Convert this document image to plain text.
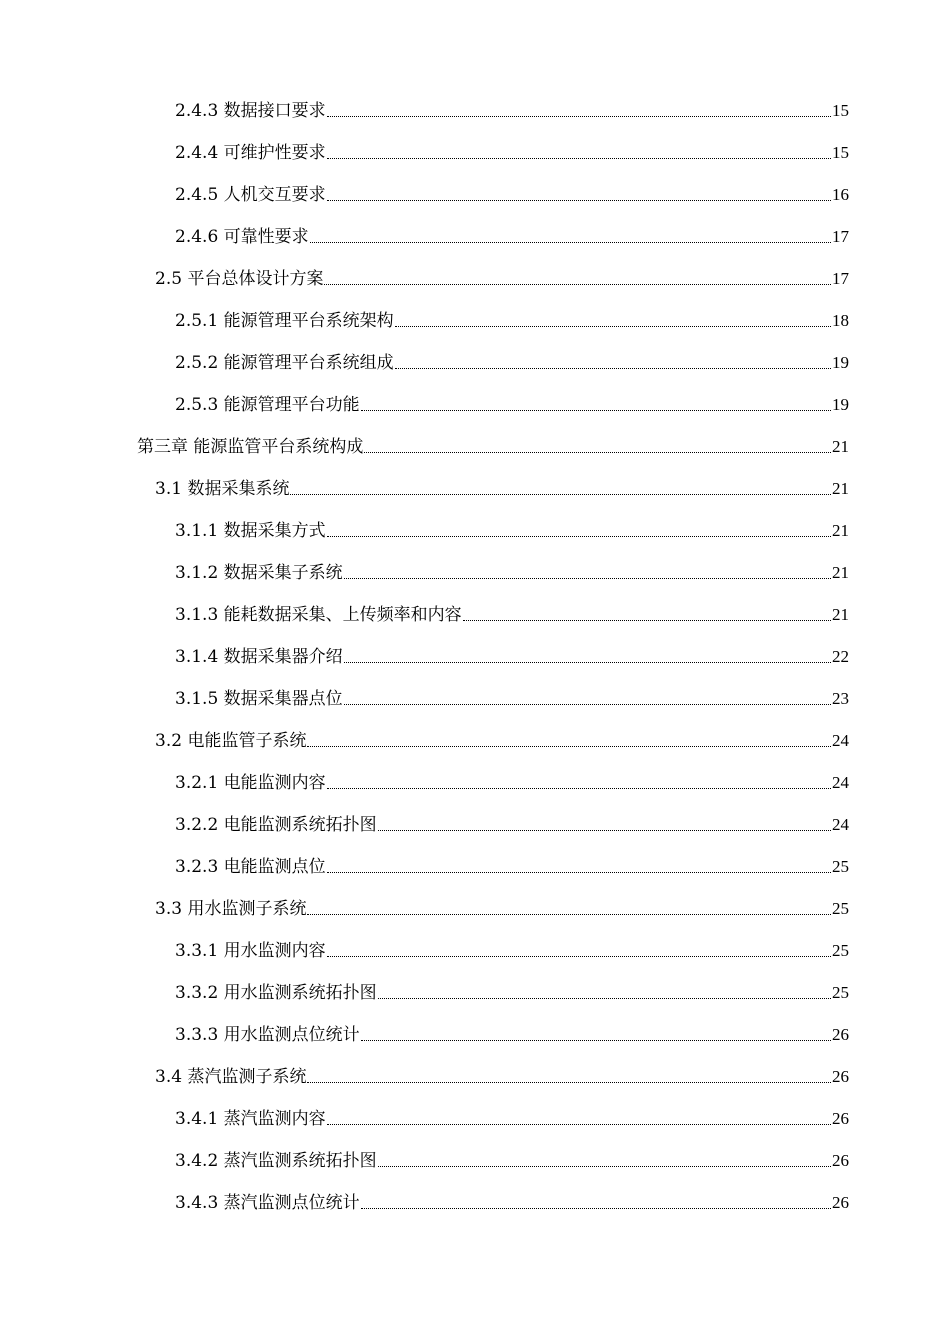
2.4.3 数据接口要求	15
2.4.4 可维护性要求	15
2.4.5 人机交互要求	16
2.4.6 可靠性要求	17
2.5 平台总体设计方案	17
2.5.1 能源管理平台系统架构	18
2.5.2 能源管理平台系统组成	19
2.5.3 能源管理平台功能	19
第三章 能源监管平台系统构成	21
3.1 数据采集系统	21
3.1.1 数据采集方式	21
3.1.2 数据采集子系统	21
3.1.3 能耗数据采集、上传频率和内容	21
3.1.4 数据采集器介绍	22
3.1.5 数据采集器点位	23
3.2 电能监管子系统	24
3.2.1 电能监测内容	24
3.2.2 电能监测系统拓扑图	24
3.2.3 电能监测点位	25
3.3 用水监测子系统	25
3.3.1 用水监测内容	25
3.3.2 用水监测系统拓扑图	25
3.3.3 用水监测点位统计	26
3.4 蒸汽监测子系统	26
3.4.1 蒸汽监测内容	26
3.4.2 蒸汽监测系统拓扑图	26
3.4.3 蒸汽监测点位统计	26
